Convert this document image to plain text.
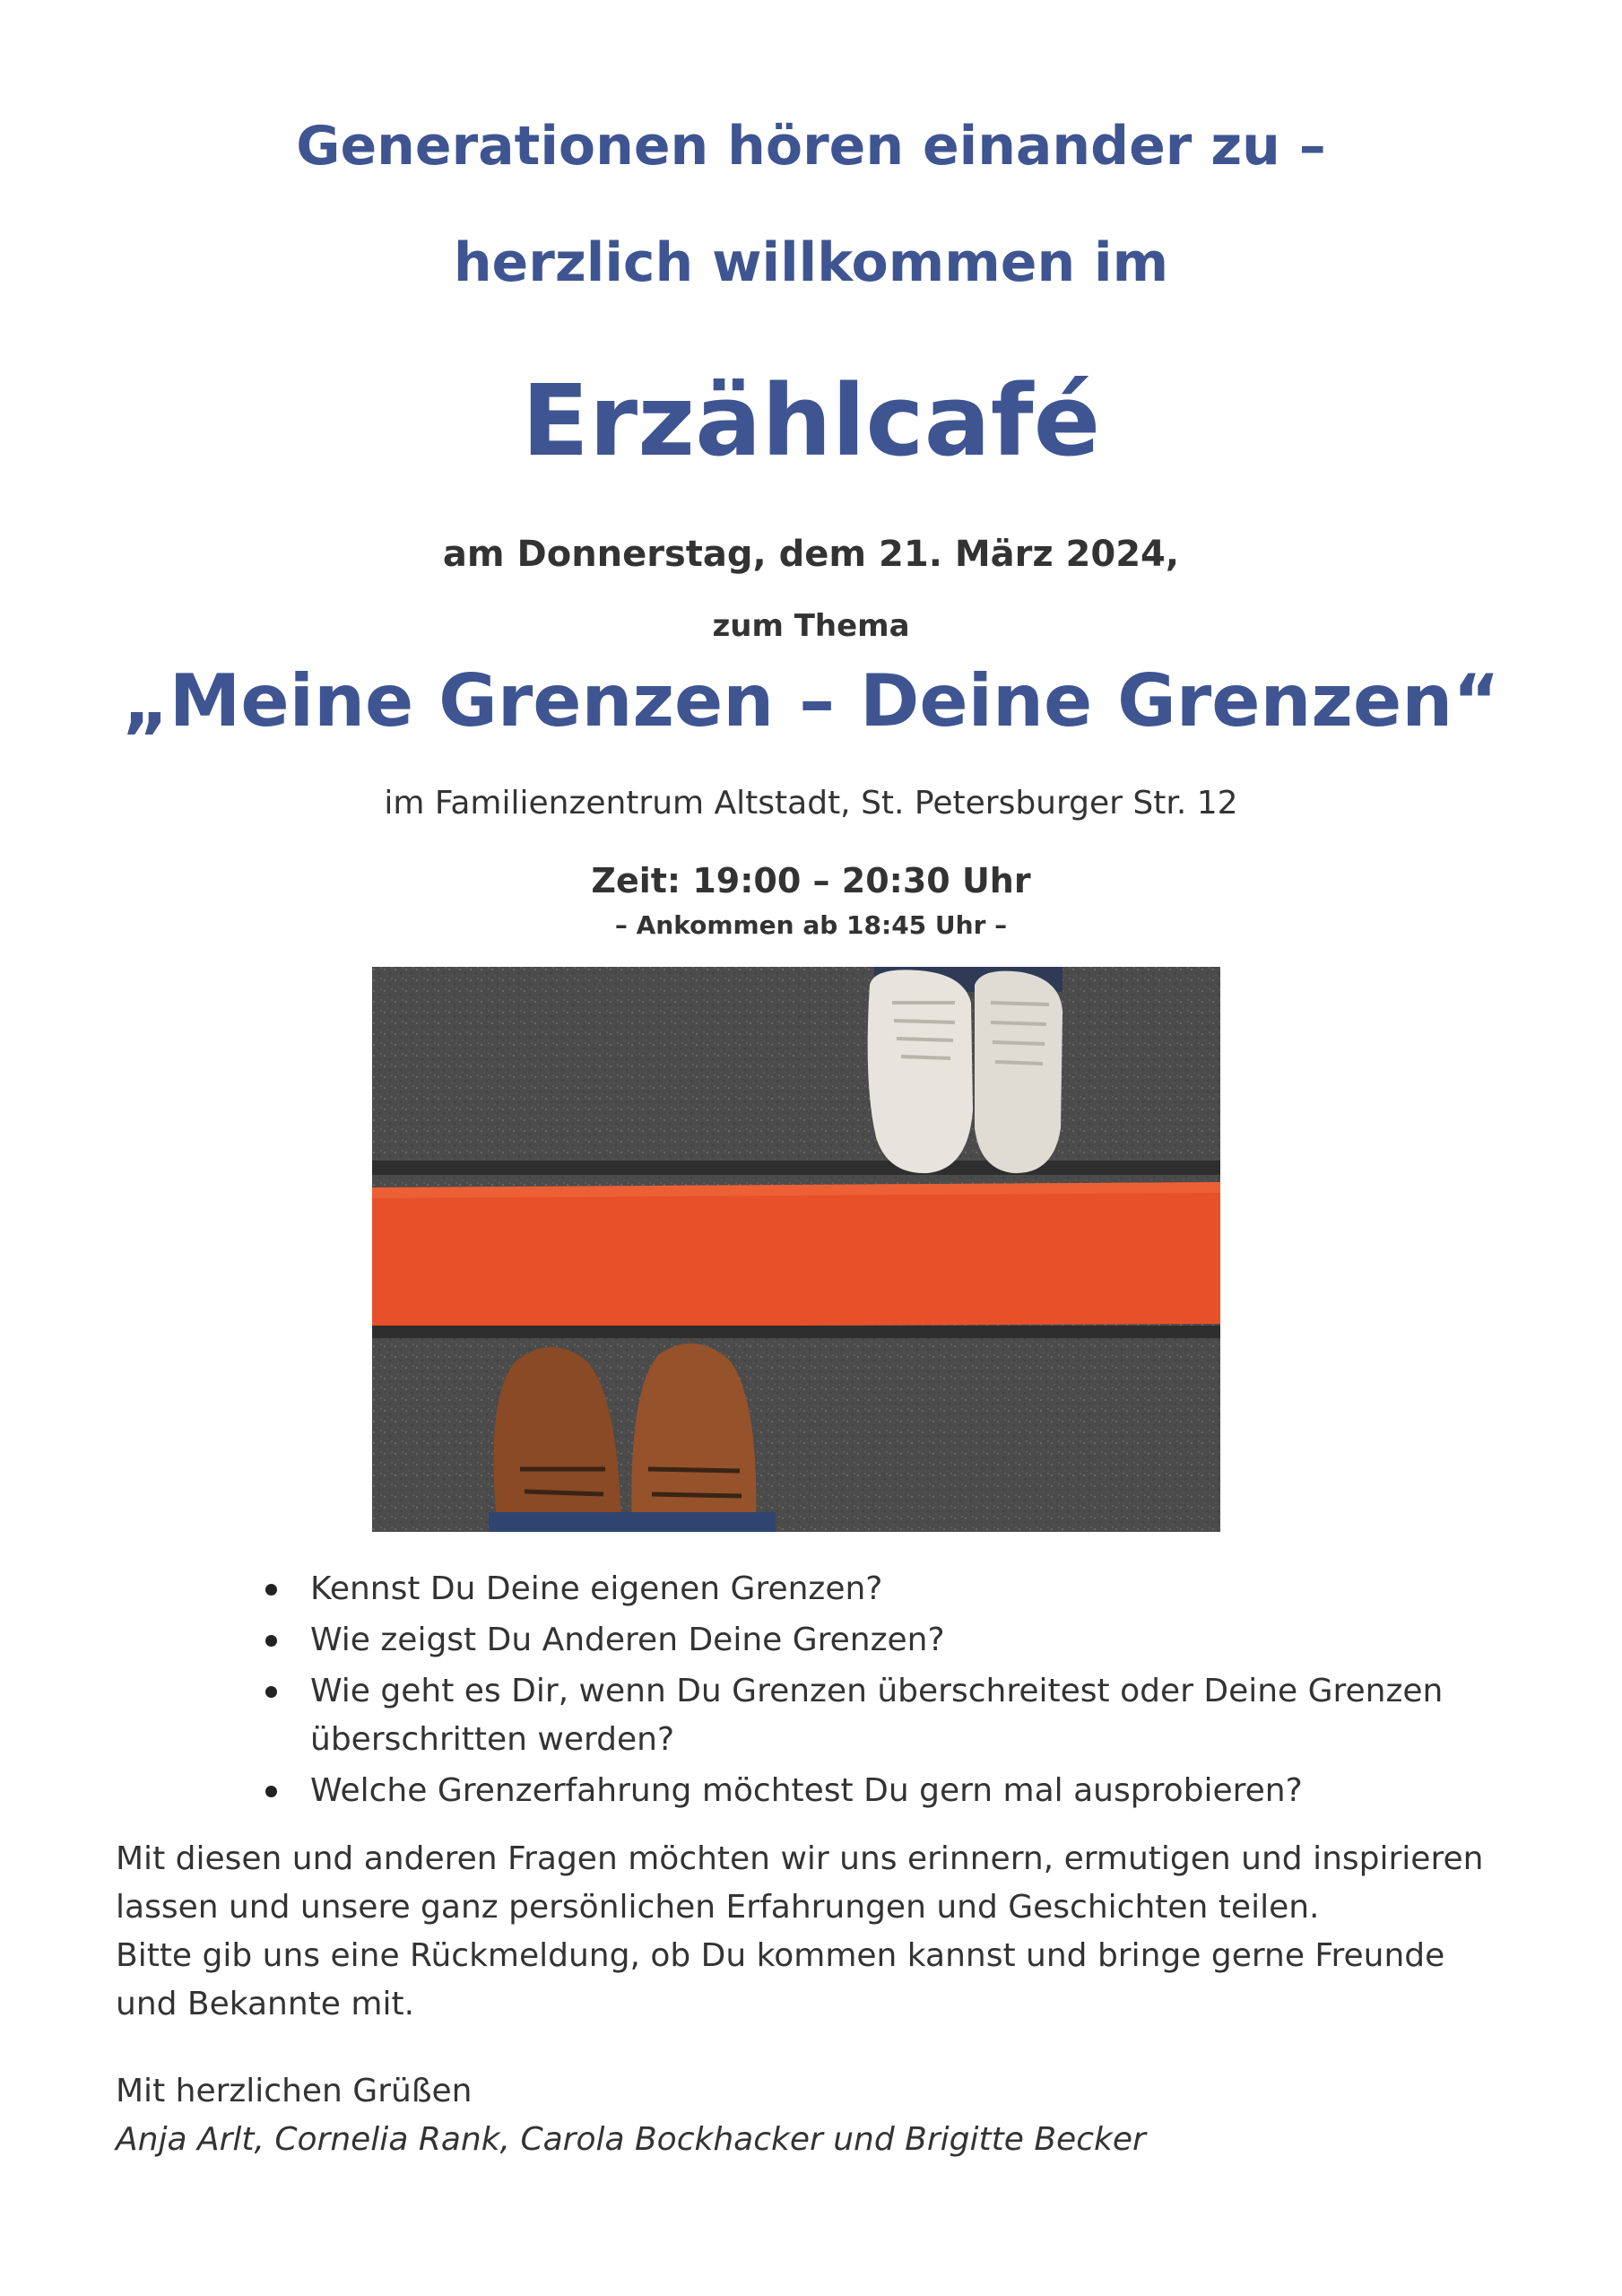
Generationen hören einander zu –
herzlich willkommen im
Erzählcafé
am Donnerstag, dem 21. März 2024,
zum Thema
„Meine Grenzen – Deine Grenzen“
im Familienzentrum Altstadt, St. Petersburger Str. 12
Zeit: 19:00 – 20:30 Uhr
– Ankommen ab 18:45 Uhr –
Kennst Du Deine eigenen Grenzen?
Wie zeigst Du Anderen Deine Grenzen?
Wie geht es Dir, wenn Du Grenzen überschreitest oder Deine Grenzen überschritten werden?
Welche Grenzerfahrung möchtest Du gern mal ausprobieren?

Mit diesen und anderen Fragen möchten wir uns erinnern, ermutigen und inspirieren lassen und unsere ganz persönlichen Erfahrungen und Geschichten teilen.

Bitte gib uns eine Rückmeldung, ob Du kommen kannst und bringe gerne Freunde und Bekannte mit.

Mit herzlichen Grüßen

Anja Arlt, Cornelia Rank, Carola Bockhacker und Brigitte Becker
